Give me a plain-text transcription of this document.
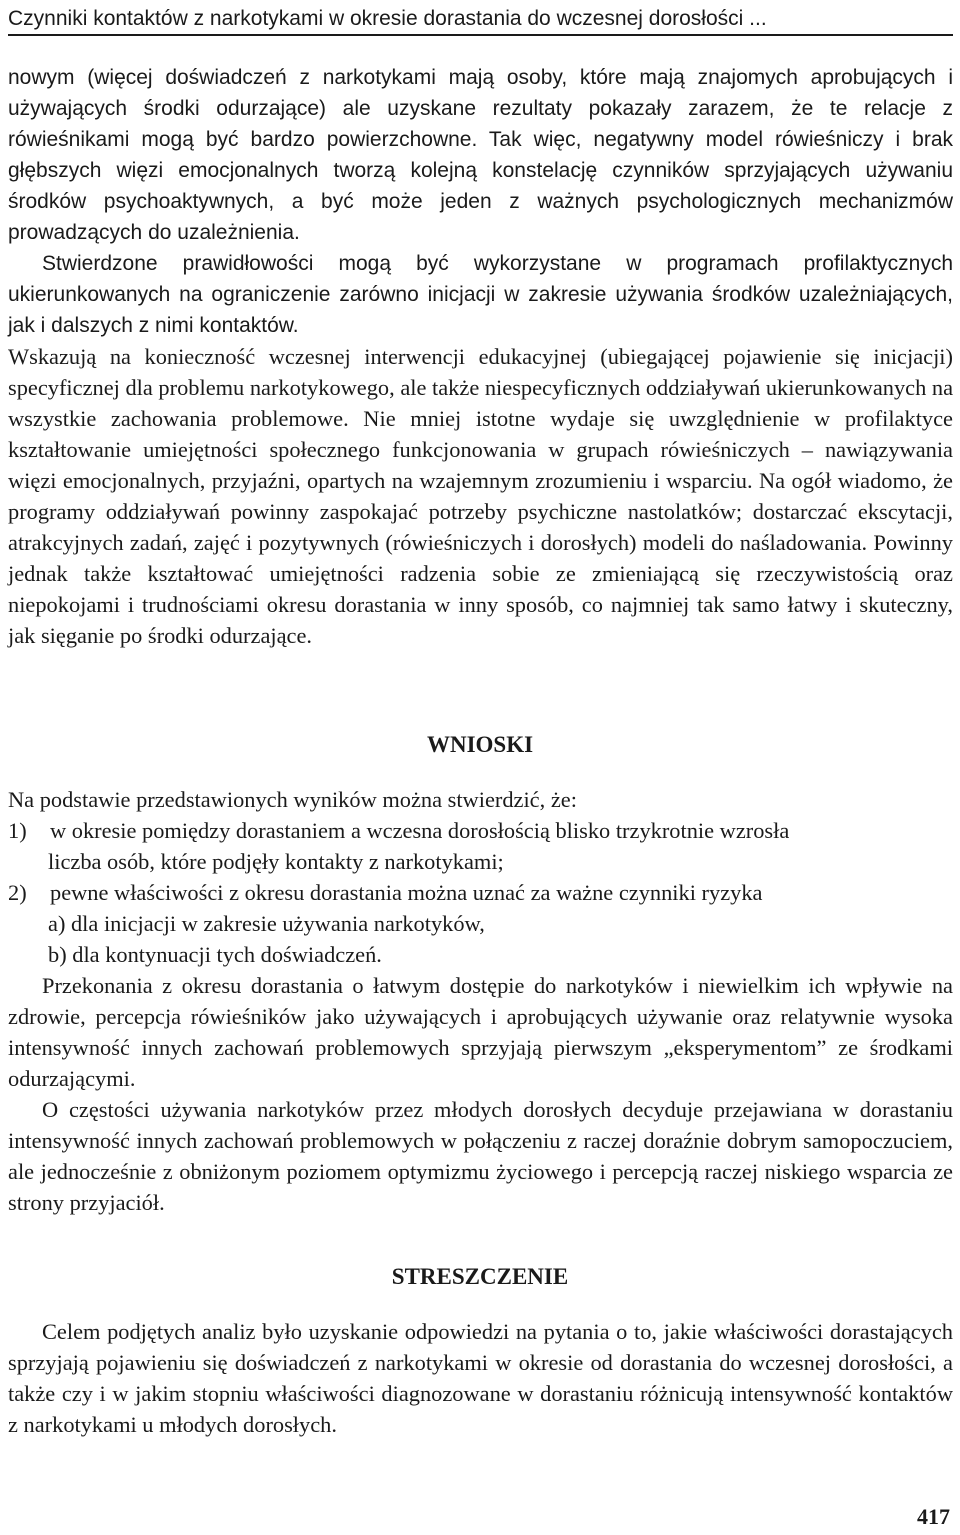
Czynniki kontaktów z narkotykami w okresie dorastania do wczesnej dorosłości ...

nowym (więcej doświadczeń z narkotykami mają osoby, które mają znajomych aprobujących i używających środki odurzające) ale uzyskane rezultaty pokazały zarazem, że te relacje z rówieśnikami mogą być bardzo powierzchowne. Tak więc, negatywny model rówieśniczy i brak głębszych więzi emocjonalnych tworzą kolejną konstelację czynników sprzyjających używaniu środków psychoaktywnych, a być może jeden z ważnych psychologicznych mechanizmów prowadzących do uzależnienia.

Stwierdzone prawidłowości mogą być wykorzystane w programach profilaktycznych ukierunkowanych na ograniczenie zarówno inicjacji w zakresie używania środków uzależniających, jak i dalszych z nimi kontaktów.

Wskazują na konieczność wczesnej interwencji edukacyjnej (ubiegającej pojawienie się inicjacji) specyficznej dla problemu narkotykowego, ale także niespecyficznych oddziaływań ukierunkowanych na wszystkie zachowania problemowe. Nie mniej istotne wydaje się uwzględnienie w profilaktyce kształtowanie umiejętności społecznego funkcjonowania w grupach rówieśniczych – nawiązywania więzi emocjonalnych, przyjaźni, opartych na wzajemnym zrozumieniu i wsparciu. Na ogół wiadomo, że programy oddziaływań powinny zaspokajać potrzeby psychiczne nastolatków; dostarczać ekscytacji, atrakcyjnych zadań, zajęć i pozytywnych (rówieśniczych i dorosłych) modeli do naśladowania. Powinny jednak także kształtować umiejętności radzenia sobie ze zmieniającą się rzeczywistością oraz niepokojami i trudnościami okresu dorastania w inny sposób, co najmniej tak samo łatwy i skuteczny, jak sięganie po środki odurzające.

WNIOSKI
Na podstawie przedstawionych wyników można stwierdzić, że:
1) w okresie pomiędzy dorastaniem a wczesna dorosłością blisko trzykrotnie wzrosła
liczba osób, które podjęły kontakty z narkotykami;
2) pewne właściwości z okresu dorastania można uznać za ważne czynniki ryzyka
a) dla inicjacji w zakresie używania narkotyków,
b) dla kontynuacji tych doświadczeń.

Przekonania z okresu dorastania o łatwym dostępie do narkotyków i niewielkim ich wpływie na zdrowie, percepcja rówieśników jako używających i aprobujących używanie oraz relatywnie wysoka intensywność innych zachowań problemowych sprzyjają pierwszym „eksperymentom” ze środkami odurzającymi.

O częstości używania narkotyków przez młodych dorosłych decyduje przejawiana w dorastaniu intensywność innych zachowań problemowych w połączeniu z raczej doraźnie dobrym samopoczuciem, ale jednocześnie z obniżonym poziomem optymizmu życiowego i percepcją raczej niskiego wsparcia ze strony przyjaciół.

STRESZCZENIE

Celem podjętych analiz było uzyskanie odpowiedzi na pytania o to, jakie właściwości dorastających sprzyjają pojawieniu się doświadczeń z narkotykami w okresie od dorastania do wczesnej dorosłości, a także czy i w jakim stopniu właściwości diagnozowane w dorastaniu różnicują intensywność kontaktów z narkotykami u młodych dorosłych.

417
